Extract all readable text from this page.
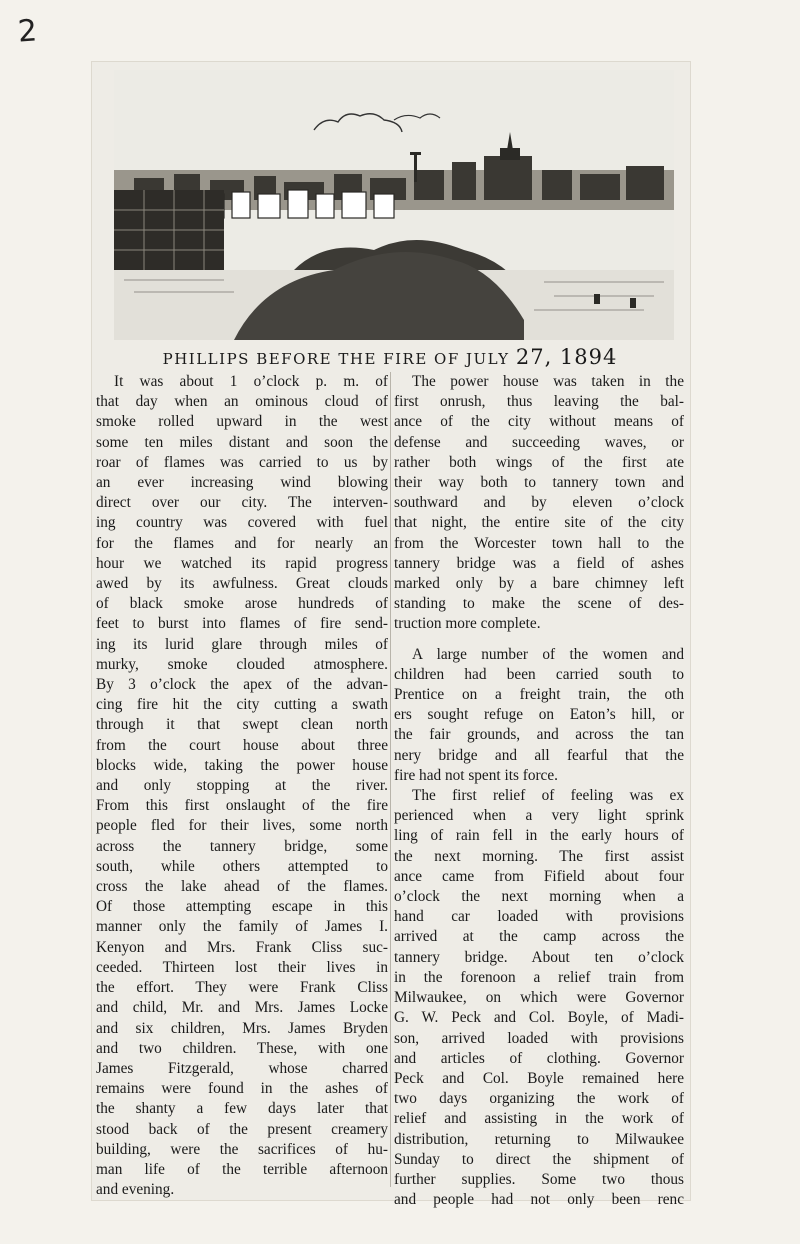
2
PHILLIPS BEFORE THE FIRE OF JULY 27, 1894
It was about 1 o’clock p. m. of
that day when an ominous cloud of
smoke rolled upward in the west
some ten miles distant and soon the
roar of flames was carried to us by
an ever increasing wind blowing
direct over our city. The interven-
ing country was covered with fuel
for the flames and for nearly an
hour we watched its rapid progress
awed by its awfulness. Great clouds
of black smoke arose hundreds of
feet to burst into flames of fire send-
ing its lurid glare through miles of
murky, smoke clouded atmosphere.
By 3 o’clock the apex of the advan-
cing fire hit the city cutting a swath
through it that swept clean north
from the court house about three
blocks wide, taking the power house
and only stopping at the river.
From this first onslaught of the fire
people fled for their lives, some north
across the tannery bridge, some
south, while others attempted to
cross the lake ahead of the flames.
Of those attempting escape in this
manner only the family of James I.
Kenyon and Mrs. Frank Cliss suc-
ceeded. Thirteen lost their lives in
the effort. They were Frank Cliss
and child, Mr. and Mrs. James Locke
and six children, Mrs. James Bryden
and two children. These, with one
James Fitzgerald, whose charred
remains were found in the ashes of
the shanty a few days later that
stood back of the present creamery
building, were the sacrifices of hu-
man life of the terrible afternoon
and evening.
The power house was taken in the
first onrush, thus leaving the bal-
ance of the city without means of
defense and succeeding waves, or
rather both wings of the first ate
their way both to tannery town and
southward and by eleven o’clock
that night, the entire site of the city
from the Worcester town hall to the
tannery bridge was a field of ashes
marked only by a bare chimney left
standing to make the scene of des-
truction more complete.
A large number of the women and
children had been carried south to
Prentice on a freight train, the oth
ers sought refuge on Eaton’s hill, or
the fair grounds, and across the tan
nery bridge and all fearful that the
fire had not spent its force.
The first relief of feeling was ex
perienced when a very light sprink
ling of rain fell in the early hours of
the next morning. The first assist
ance came from Fifield about four
o’clock the next morning when a
hand car loaded with provisions
arrived at the camp across the
tannery bridge. About ten o’clock
in the forenoon a relief train from
Milwaukee, on which were Governor
G. W. Peck and Col. Boyle, of Madi-
son, arrived loaded with provisions
and articles of clothing. Governor
Peck and Col. Boyle remained here
two days organizing the work of
relief and assisting in the work of
distribution, returning to Milwaukee
Sunday to direct the shipment of
further supplies. Some two thous
and people had not only been renc
